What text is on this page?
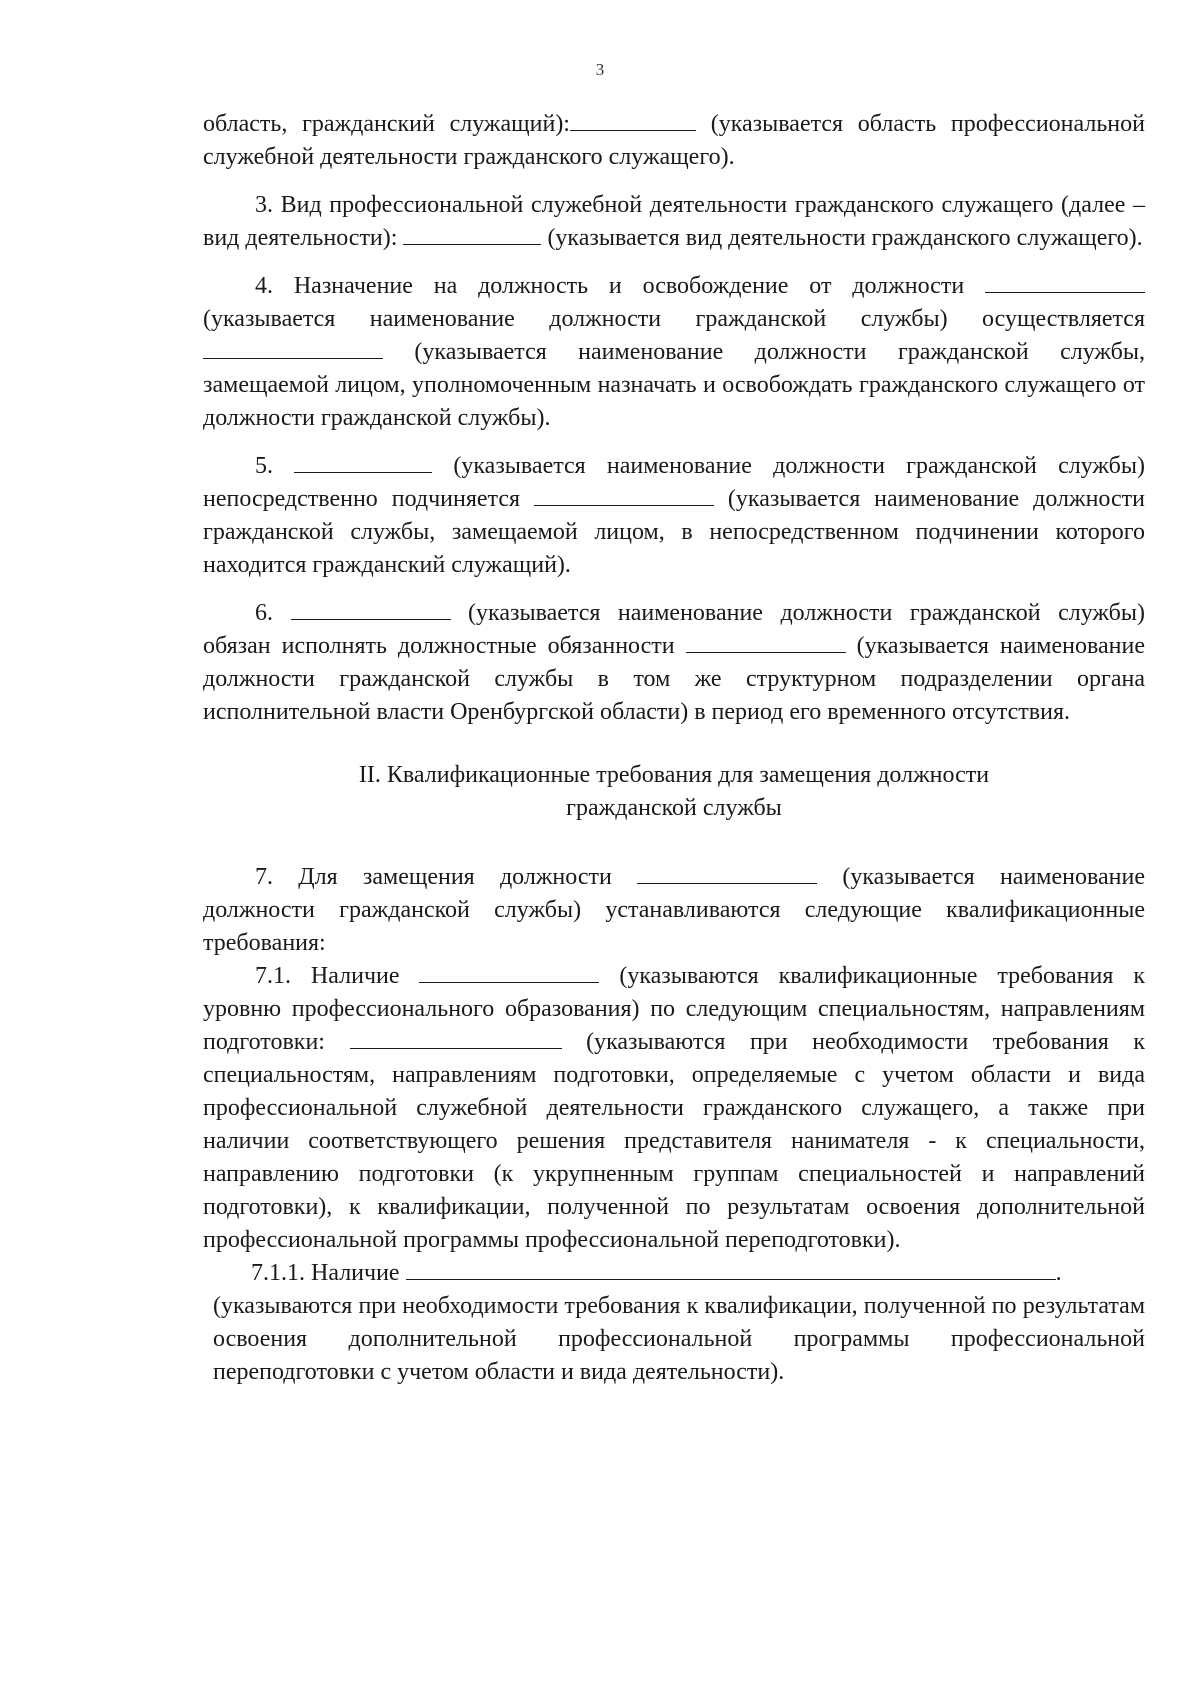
3

область, гражданский служащий):	(указывается область профессиональной служебной деятельности гражданского служащего).

3. Вид профессиональной служебной деятельности гражданского служащего (далее – вид деятельности):	(указывается вид деятельности гражданского служащего).

4. Назначение на должность и освобождение от должности  (указывается наименование должности гражданской службы) осуществляется  (указывается наименование должности гражданской службы, замещаемой лицом, уполномоченным назначать и освобождать гражданского служащего от должности гражданской службы).

5.	(указывается наименование должности гражданской службы) непосредственно подчиняется	(указывается наименование должности гражданской службы, замещаемой лицом, в непосредственном подчинении которого находится гражданский служащий).

6.	(указывается наименование должности гражданской службы) обязан исполнять должностные обязанности	(указывается наименование должности гражданской службы в том же структурном подразделении органа исполнительной власти Оренбургской области) в период его временного отсутствия.

II. Квалификационные требования для замещения должности
гражданской службы

7. Для замещения должности	(указывается наименование должности гражданской службы) устанавливаются следующие квалификационные требования:

7.1. Наличие	(указываются квалификационные требования к уровню профессионального образования) по следующим специальностям, направлениям подготовки:	(указываются при необходимости требования к специальностям, направлениям подготовки, определяемые с учетом области и вида профессиональной служебной деятельности гражданского служащего, а также при наличии соответствующего решения представителя нанимателя - к специальности, направлению подготовки (к укрупненным группам специальностей и направлений подготовки), к квалификации, полученной по результатам освоения дополнительной профессиональной программы профессиональной переподготовки).

7.1.1. Наличие	.

(указываются при необходимости требования к квалификации, полученной по результатам освоения дополнительной профессиональной программы профессиональной переподготовки с учетом области и вида деятельности).
